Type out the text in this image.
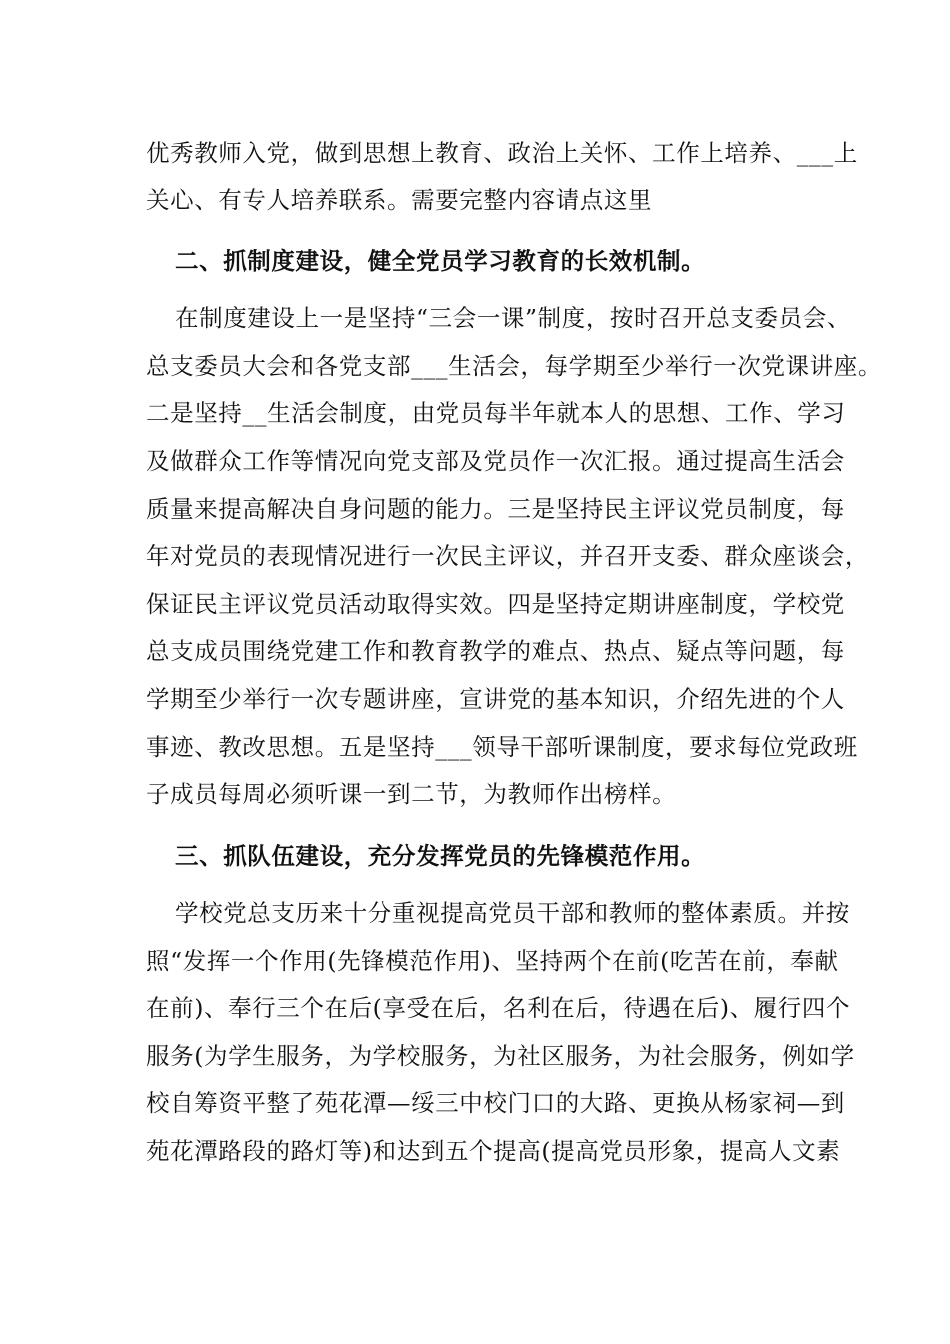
优秀教师入党，做到思想上教育、政治上关怀、工作上培养、___上
关心、有专人培养联系。需要完整内容请点这里
二、抓制度建设，健全党员学习教育的长效机制。
在制度建设上一是坚持“三会一课”制度，按时召开总支委员会、
总支委员大会和各党支部___生活会，每学期至少举行一次党课讲座。
二是坚持__生活会制度，由党员每半年就本人的思想、工作、学习
及做群众工作等情况向党支部及党员作一次汇报。通过提高生活会
质量来提高解决自身问题的能力。三是坚持民主评议党员制度，每
年对党员的表现情况进行一次民主评议，并召开支委、群众座谈会，
保证民主评议党员活动取得实效。四是坚持定期讲座制度，学校党
总支成员围绕党建工作和教育教学的难点、热点、疑点等问题，每
学期至少举行一次专题讲座，宣讲党的基本知识，介绍先进的个人
事迹、教改思想。五是坚持___领导干部听课制度，要求每位党政班
子成员每周必须听课一到二节，为教师作出榜样。
三、抓队伍建设，充分发挥党员的先锋模范作用。
学校党总支历来十分重视提高党员干部和教师的整体素质。并按
照“发挥一个作用(先锋模范作用)、坚持两个在前(吃苦在前，奉献
在前)、奉行三个在后(享受在后，名利在后，待遇在后)、履行四个
服务(为学生服务，为学校服务，为社区服务，为社会服务，例如学
校自筹资平整了苑花潭—绥三中校门口的大路、更换从杨家祠—到
苑花潭路段的路灯等)和达到五个提高(提高党员形象，提高人文素
